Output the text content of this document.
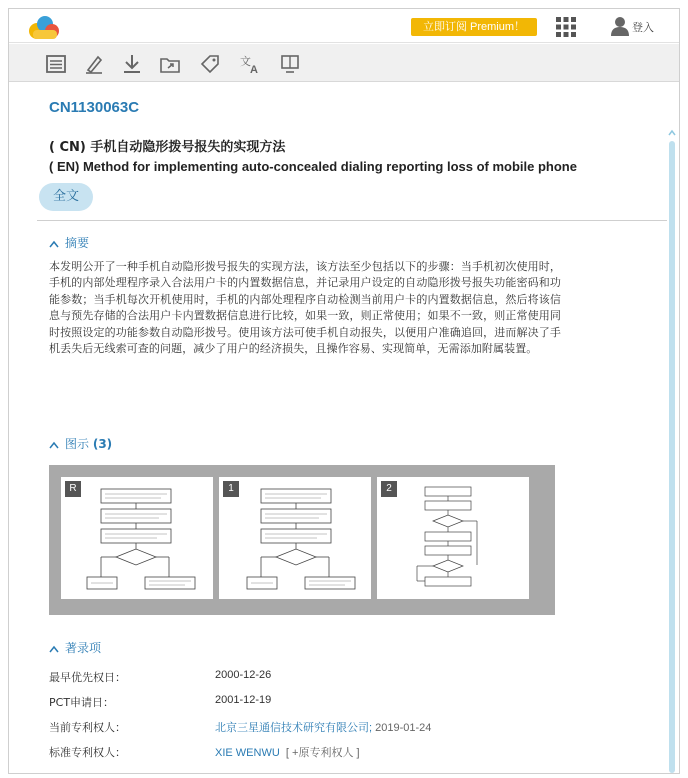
立即订阅 Premium！	登入
文
A
CN1130063C
( CN) 手机自动隐形拨号报失的实现方法
( EN) Method for implementing auto-concealed dialing reporting loss of mobile phone
全文
摘要
本发明公开了一种手机自动隐形拨号报失的实现方法，该方法至少包括以下的步骤：当手机初次使用时，手机的内部处理程序录入合法用户卡的内置数据信息，并记录用户设定的自动隐形拨号报失功能密码和功能参数；当手机每次开机使用时，手机的内部处理程序自动检测当前用户卡的内置数据信息，然后将该信息与预先存储的合法用户卡内置数据信息进行比较，如果一致，则正常使用；如果不一致，则正常使用同时按照设定的功能参数自动隐形拨号。使用该方法可使手机自动报失，以便用户准确追回，进而解决了手机丢失后无线索可查的问题，减少了用户的经济损失，且操作容易、实现简单，无需添加附属装置。
图示 (3)
R	1	2
著录项
最早优先权日：	2000-12-26
PCT申请日：	2001-12-19
当前专利权人：	北京三星通信技术研究有限公司; 2019-01-24
标准专利权人：	XIE WENWU [ +原专利权人 ]
